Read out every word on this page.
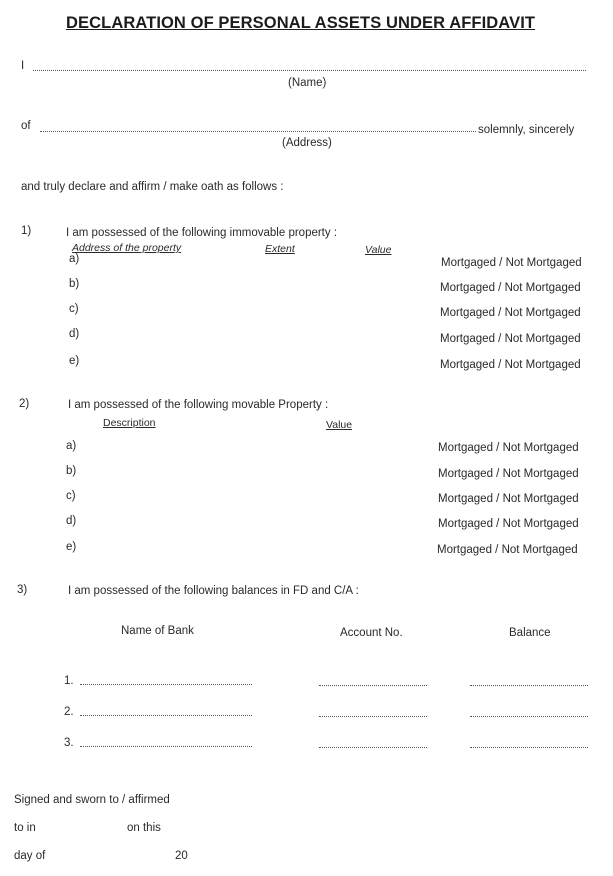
DECLARATION OF PERSONAL ASSETS UNDER AFFIDAVIT
I
(Name)
of	solemnly, sincerely
(Address)
and truly declare and affirm / make oath as follows :
1)	I am possessed of the following immovable property :
Address of the property	Extent	Value
a)	Mortgaged / Not Mortgaged
b)	Mortgaged / Not Mortgaged
c)	Mortgaged / Not Mortgaged
d)	Mortgaged / Not Mortgaged
e)	Mortgaged / Not Mortgaged
2)	I am possessed of the following movable Property :
Description	Value
a)	Mortgaged / Not Mortgaged
b)	Mortgaged / Not Mortgaged
c)	Mortgaged / Not Mortgaged
d)	Mortgaged / Not Mortgaged
e)	Mortgaged / Not Mortgaged
3)	I am possessed of the following balances in FD and C/A :
Name of Bank	Account No.	Balance
1.
2.
3.
Signed and sworn to / affirmed
to in	on this
day of	20
